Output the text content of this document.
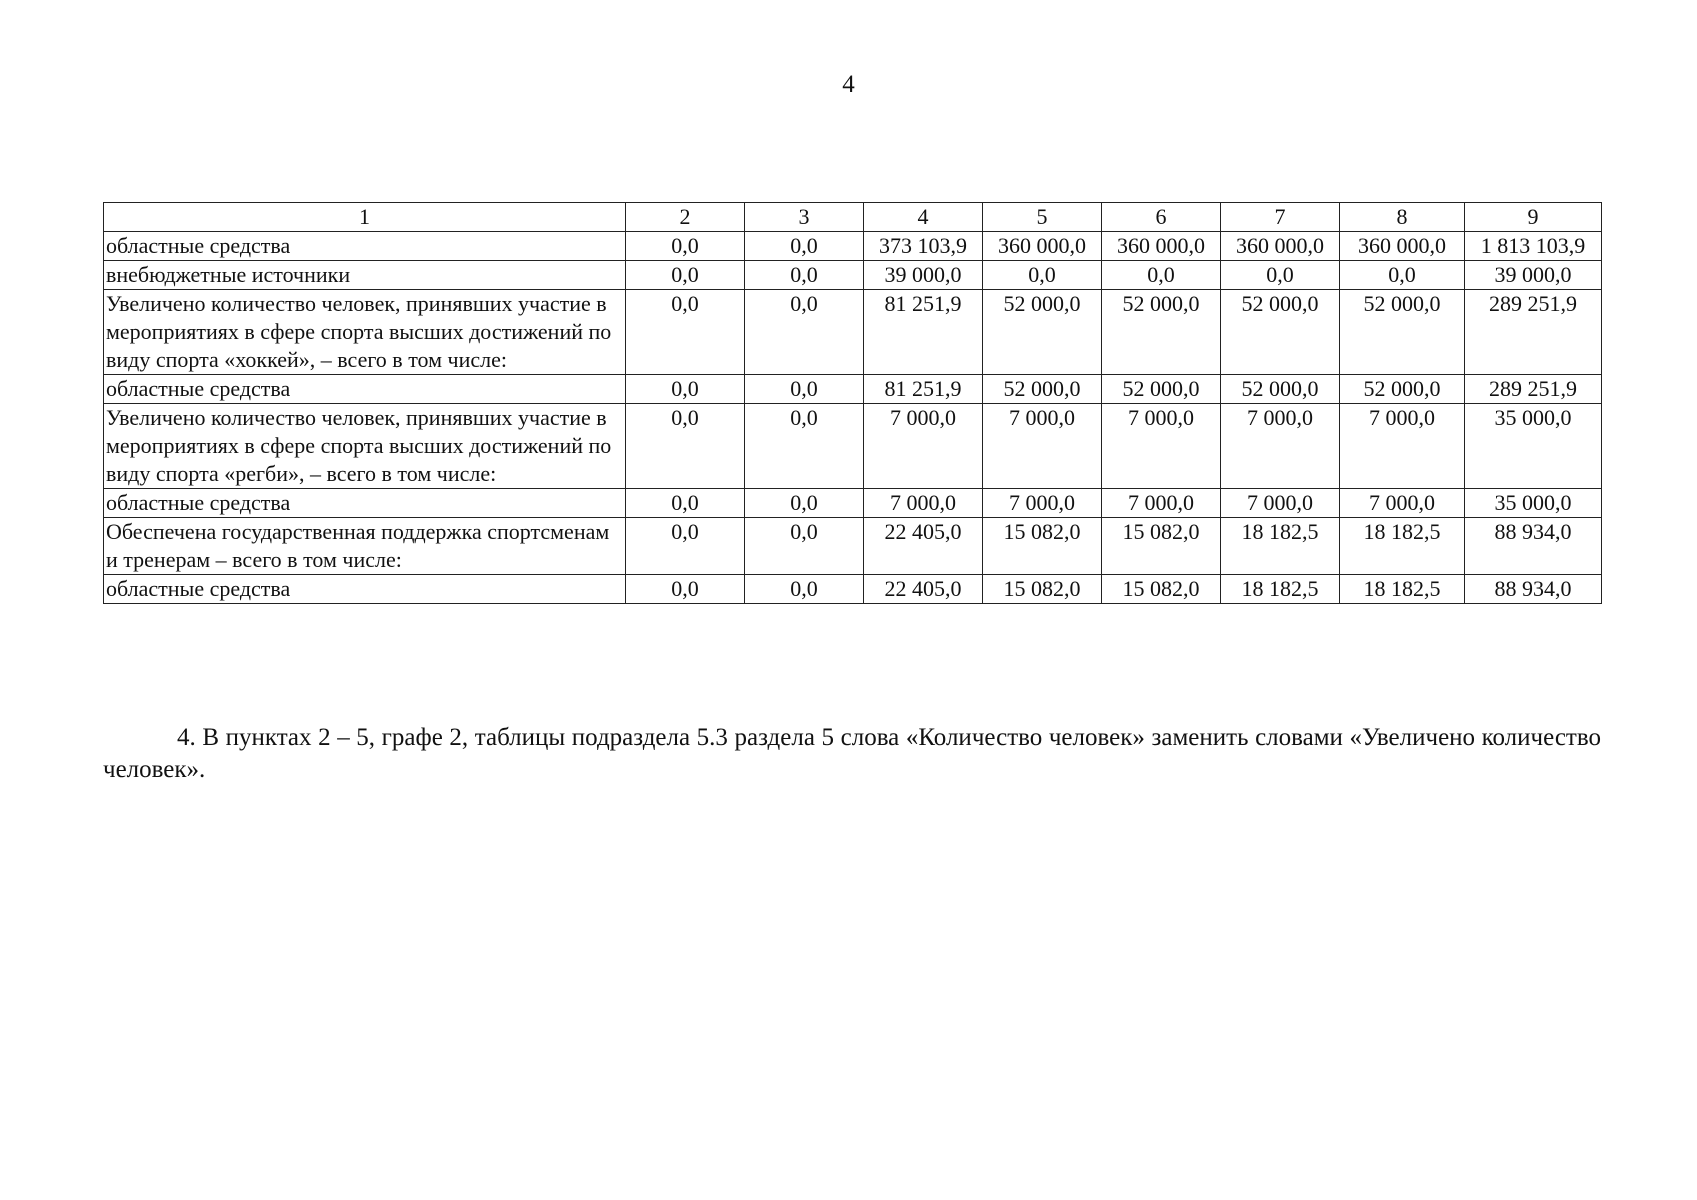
4
1	2	3	4	5	6	7	8	9
областные средства	0,0	0,0	373 103,9	360 000,0	360 000,0	360 000,0	360 000,0	1 813 103,9
внебюджетные источники	0,0	0,0	39 000,0	0,0	0,0	0,0	0,0	39 000,0
Увеличено количество человек, принявших участие в мероприятиях в сфере спорта высших достижений по виду спорта «хоккей», – всего в том числе:	0,0	0,0	81 251,9	52 000,0	52 000,0	52 000,0	52 000,0	289 251,9
областные средства	0,0	0,0	81 251,9	52 000,0	52 000,0	52 000,0	52 000,0	289 251,9
Увеличено количество человек, принявших участие в мероприятиях в сфере спорта высших достижений по виду спорта «регби», – всего в том числе:	0,0	0,0	7 000,0	7 000,0	7 000,0	7 000,0	7 000,0	35 000,0
областные средства	0,0	0,0	7 000,0	7 000,0	7 000,0	7 000,0	7 000,0	35 000,0
Обеспечена государственная поддержка спортсменам и тренерам – всего в том числе:	0,0	0,0	22 405,0	15 082,0	15 082,0	18 182,5	18 182,5	88 934,0
областные средства	0,0	0,0	22 405,0	15 082,0	15 082,0	18 182,5	18 182,5	88 934,0
4. В пунктах 2 – 5, графе 2, таблицы подраздела 5.3 раздела 5 слова «Количество человек» заменить словами «Увеличено количество человек».
